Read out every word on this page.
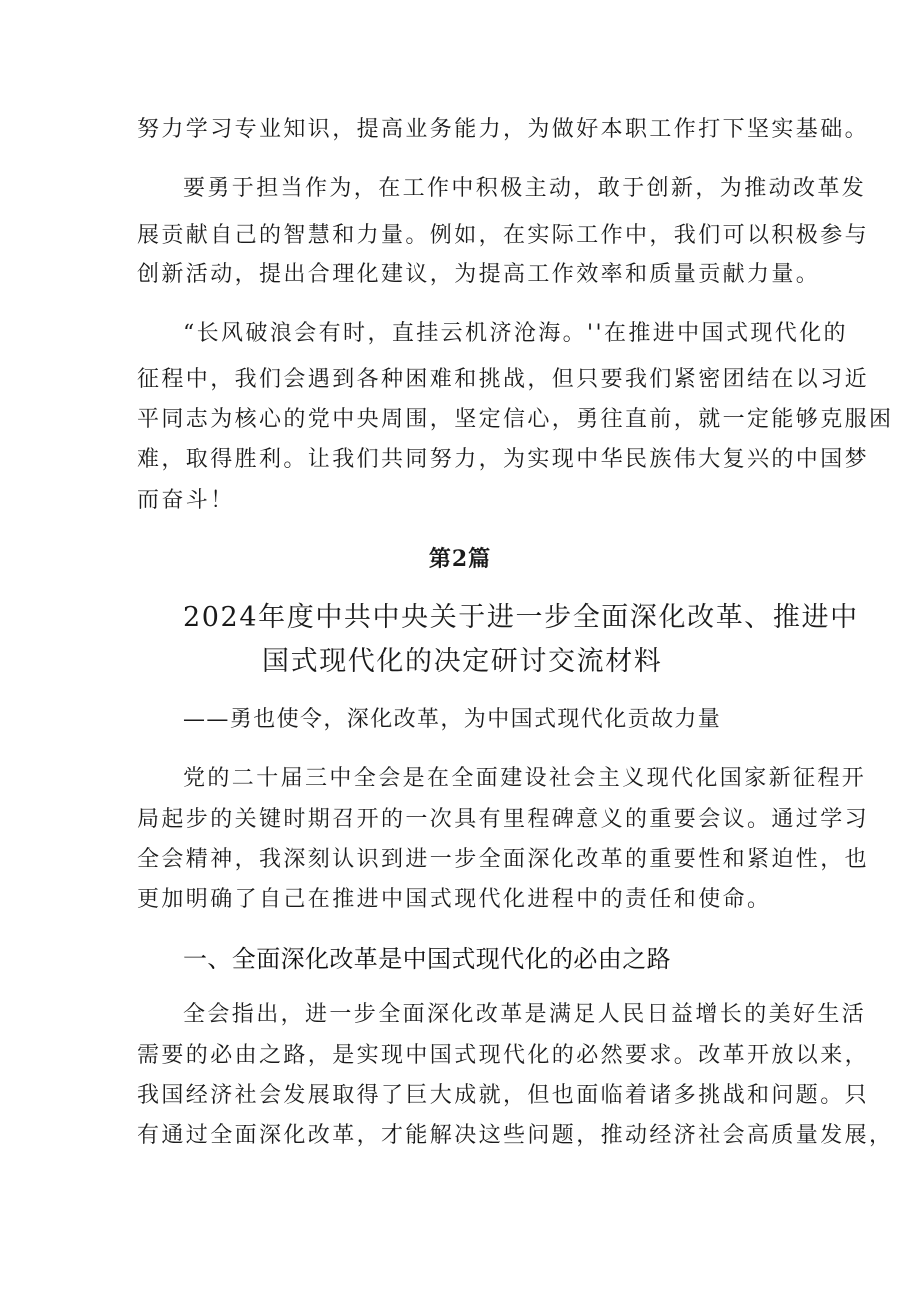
努力学习专业知识，提高业务能力，为做好本职工作打下坚实基础。
要勇于担当作为，在工作中积极主动，敢于创新，为推动改革发
展贡献自己的智慧和力量。例如，在实际工作中，我们可以积极参与
创新活动，提出合理化建议，为提高工作效率和质量贡献力量。
“长风破浪会有时，直挂云机济沧海。''在推进中国式现代化的
征程中，我们会遇到各种困难和挑战，但只要我们紧密团结在以习近
平同志为核心的党中央周围，坚定信心，勇往直前，就一定能够克服困
难，取得胜利。让我们共同努力，为实现中华民族伟大复兴的中国梦
而奋斗！
第2篇
2024年度中共中央关于进一步全面深化改革、推进中
国式现代化的决定研讨交流材料
——勇也使令，深化改革，为中国式现代化贡故力量
党的二十届三中全会是在全面建设社会主义现代化国家新征程开
局起步的关键时期召开的一次具有里程碑意义的重要会议。通过学习
全会精神，我深刻认识到进一步全面深化改革的重要性和紧迫性，也
更加明确了自己在推进中国式现代化进程中的责任和使命。
一、全面深化改革是中国式现代化的必由之路
全会指出，进一步全面深化改革是满足人民日益增长的美好生活
需要的必由之路，是实现中国式现代化的必然要求。改革开放以来，
我国经济社会发展取得了巨大成就，但也面临着诸多挑战和问题。只
有通过全面深化改革，才能解决这些问题，推动经济社会高质量发展，
